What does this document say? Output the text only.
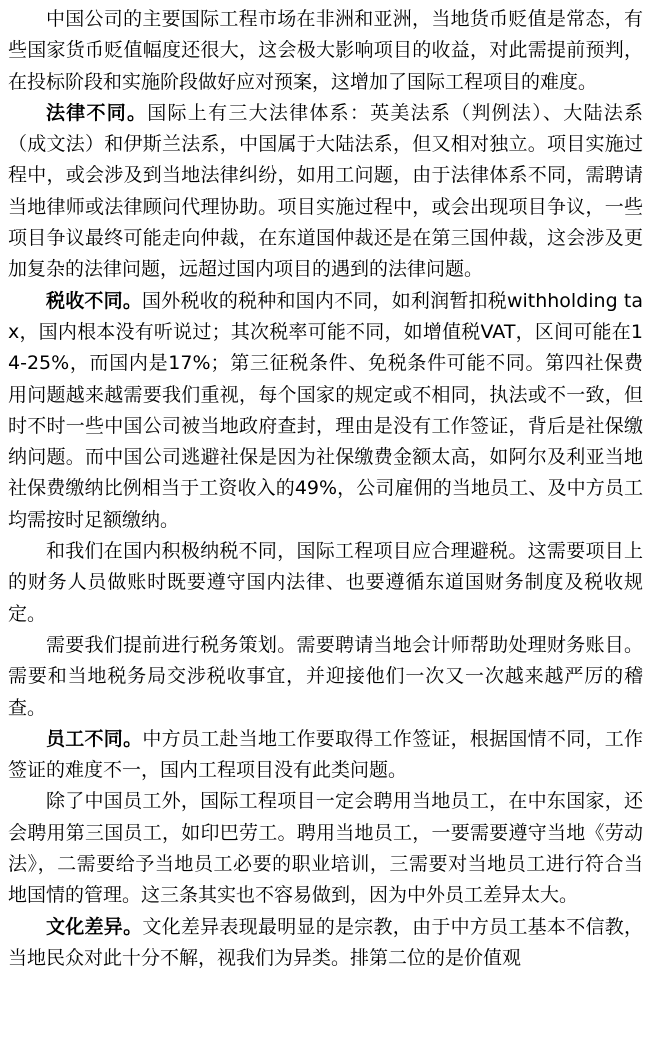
中国公司的主要国际工程市场在非洲和亚洲，当地货币贬值是常态，有些国家货币贬值幅度还很大，这会极大影响项目的收益，对此需提前预判，在投标阶段和实施阶段做好应对预案，这增加了国际工程项目的难度。

法律不同。国际上有三大法律体系：英美法系（判例法）、大陆法系（成文法）和伊斯兰法系，中国属于大陆法系，但又相对独立。项目实施过程中，或会涉及到当地法律纠纷，如用工问题，由于法律体系不同，需聘请当地律师或法律顾问代理协助。项目实施过程中，或会出现项目争议，一些项目争议最终可能走向仲裁，在东道国仲裁还是在第三国仲裁，这会涉及更加复杂的法律问题，远超过国内项目的遇到的法律问题。

税收不同。国外税收的税种和国内不同，如利润暂扣税withholding tax，国内根本没有听说过；其次税率可能不同，如增值税VAT，区间可能在14-25%，而国内是17%；第三征税条件、免税条件可能不同。第四社保费用问题越来越需要我们重视，每个国家的规定或不相同，执法或不一致，但时不时一些中国公司被当地政府查封，理由是没有工作签证，背后是社保缴纳问题。而中国公司逃避社保是因为社保缴费金额太高，如阿尔及利亚当地社保费缴纳比例相当于工资收入的49%，公司雇佣的当地员工、及中方员工均需按时足额缴纳。

和我们在国内积极纳税不同，国际工程项目应合理避税。这需要项目上的财务人员做账时既要遵守国内法律、也要遵循东道国财务制度及税收规定。

需要我们提前进行税务策划。需要聘请当地会计师帮助处理财务账目。需要和当地税务局交涉税收事宜，并迎接他们一次又一次越来越严厉的稽查。

员工不同。中方员工赴当地工作要取得工作签证，根据国情不同，工作签证的难度不一，国内工程项目没有此类问题。

除了中国员工外，国际工程项目一定会聘用当地员工，在中东国家，还会聘用第三国员工，如印巴劳工。聘用当地员工，一要需要遵守当地《劳动法》，二需要给予当地员工必要的职业培训，三需要对当地员工进行符合当地国情的管理。这三条其实也不容易做到，因为中外员工差异太大。

文化差异。文化差异表现最明显的是宗教，由于中方员工基本不信教，当地民众对此十分不解，视我们为异类。排第二位的是价值观
